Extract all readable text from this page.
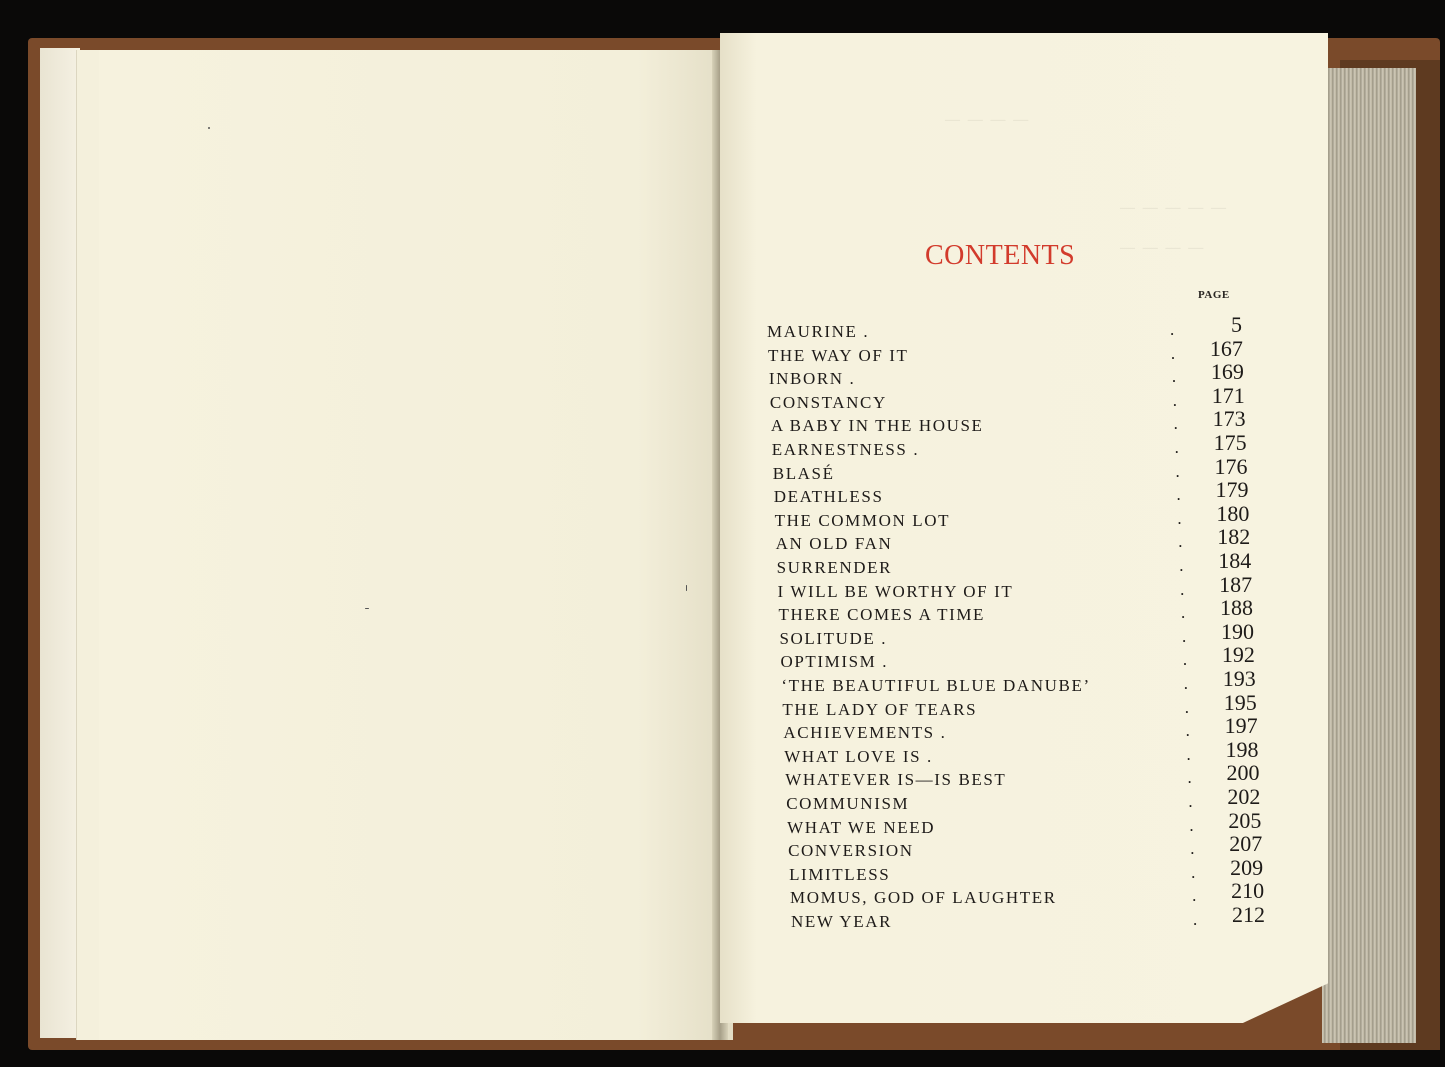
— — — —
— — — — —
— — — —
CONTENTS
PAGE
MAURINE .	.	5
THE WAY OF IT	.	167
INBORN .	.	169
CONSTANCY	.	171
A BABY IN THE HOUSE	.	173
EARNESTNESS .	.	175
BLASÉ	.	176
DEATHLESS	.	179
THE COMMON LOT	.	180
AN OLD FAN	.	182
SURRENDER	.	184
I WILL BE WORTHY OF IT	.	187
THERE COMES A TIME	.	188
SOLITUDE .	.	190
OPTIMISM .	.	192
‘THE BEAUTIFUL BLUE DANUBE’	.	193
THE LADY OF TEARS	.	195
ACHIEVEMENTS .	.	197
WHAT LOVE IS .	.	198
WHATEVER IS—IS BEST	.	200
COMMUNISM	.	202
WHAT WE NEED	.	205
CONVERSION	.	207
LIMITLESS	.	209
MOMUS, GOD OF LAUGHTER	.	210
NEW YEAR	.	212
